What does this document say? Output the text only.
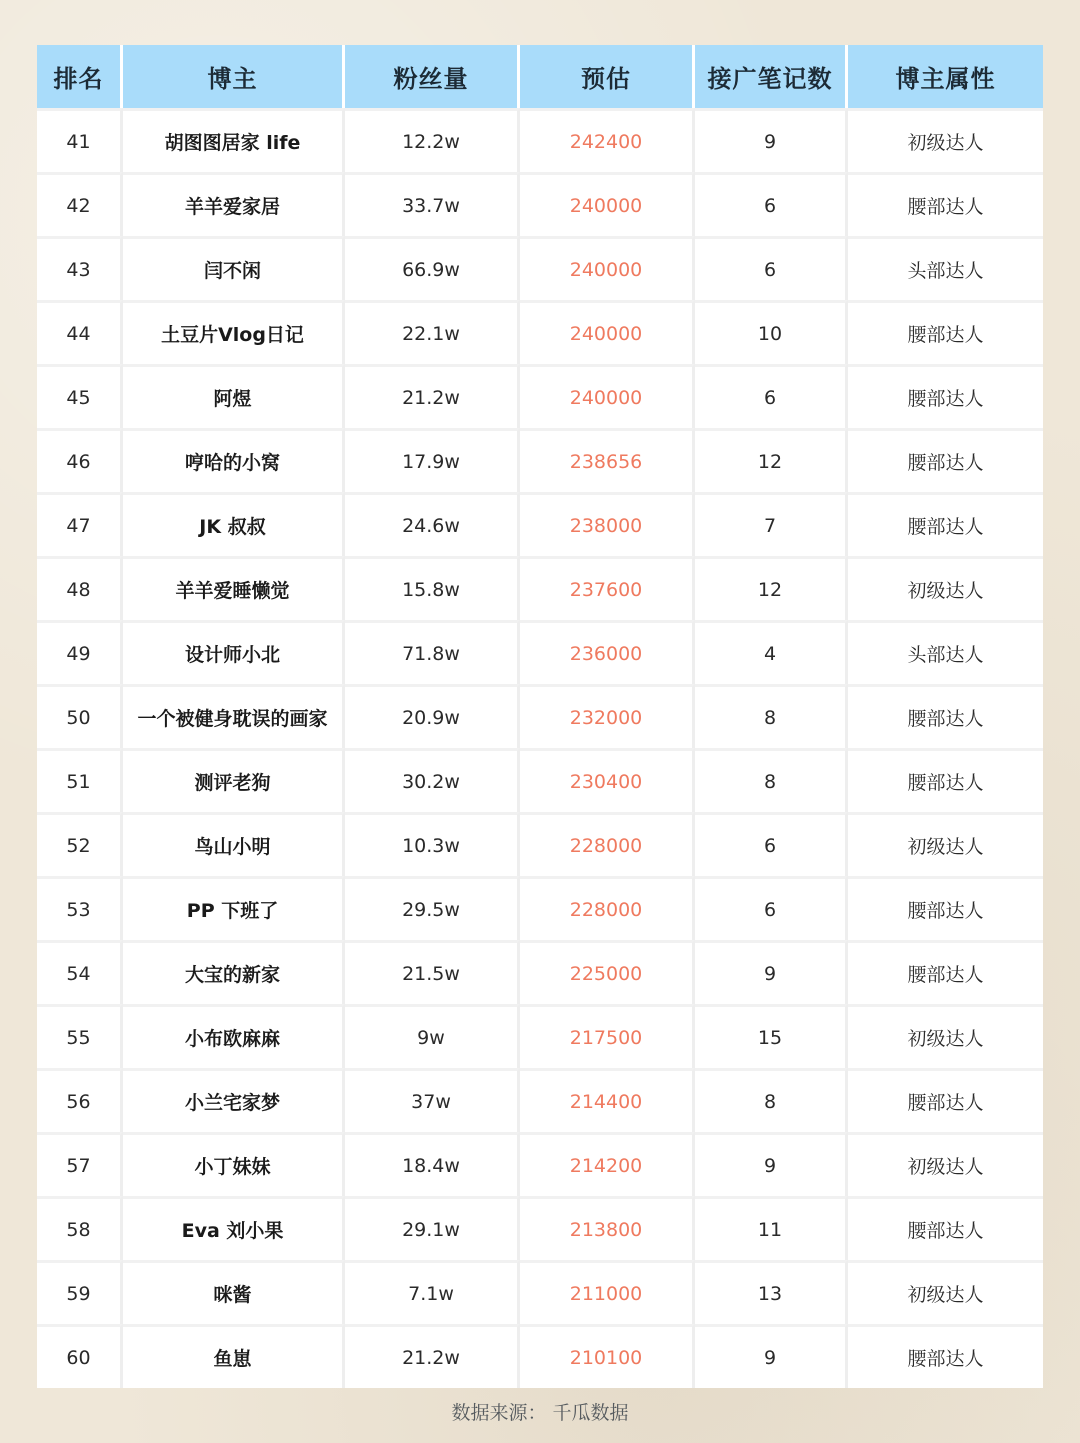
排名	博主	粉丝量	预估	接广笔记数	博主属性
41	胡图图居家 life	12.2w	242400	9	初级达人
42	羊羊爱家居	33.7w	240000	6	腰部达人
43	闫不闲	66.9w	240000	6	头部达人
44	土豆片Vlog日记	22.1w	240000	10	腰部达人
45	阿煜	21.2w	240000	6	腰部达人
46	哼哈的小窝	17.9w	238656	12	腰部达人
47	JK 叔叔	24.6w	238000	7	腰部达人
48	羊羊爱睡懒觉	15.8w	237600	12	初级达人
49	设计师小北	71.8w	236000	4	头部达人
50	一个被健身耽误的画家	20.9w	232000	8	腰部达人
51	测评老狗	30.2w	230400	8	腰部达人
52	鸟山小明	10.3w	228000	6	初级达人
53	PP 下班了	29.5w	228000	6	腰部达人
54	大宝的新家	21.5w	225000	9	腰部达人
55	小布欧麻麻	9w	217500	15	初级达人
56	小兰宅家梦	37w	214400	8	腰部达人
57	小丁妹妹	18.4w	214200	9	初级达人
58	Eva 刘小果	29.1w	213800	11	腰部达人
59	咪酱	7.1w	211000	13	初级达人
60	鱼崽	21.2w	210100	9	腰部达人
数据来源： 千瓜数据
